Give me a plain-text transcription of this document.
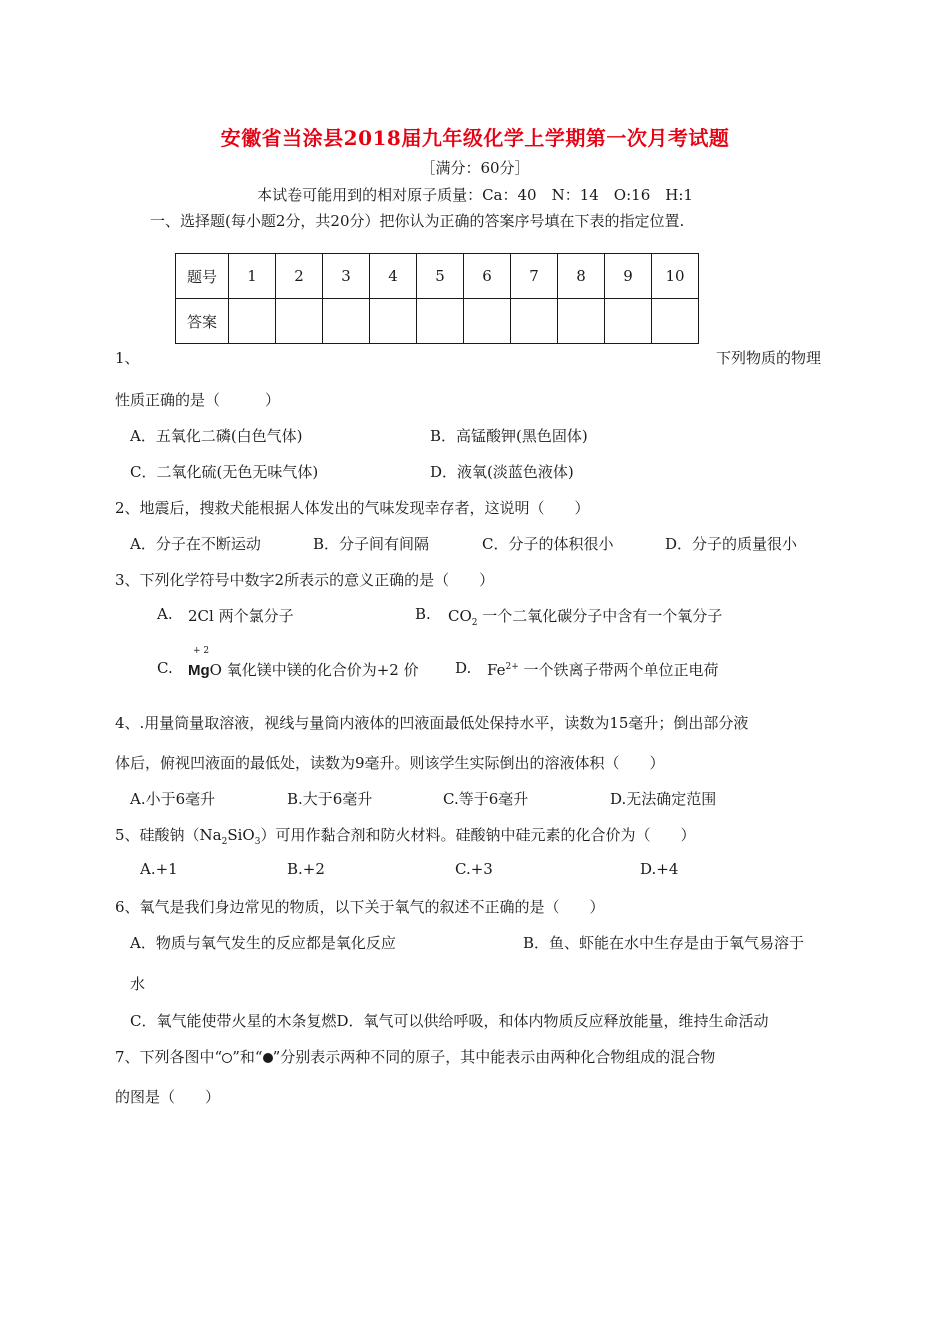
安徽省当涂县2018届九年级化学上学期第一次月考试题
［满分：60分］
本试卷可能用到的相对原子质量：Ca：40　N：14　O:16　H:1
一、选择题(每小题2分，共20分）把你认为正确的答案序号填在下表的指定位置.
题号	1	2	3	4	5	6	7	8	9	10
答案										
1、	下列物质的物理
性质正确的是（　　　）
A．五氧化二磷(白色气体)	B．高锰酸钾(黑色固体)
C．二氧化硫(无色无味气体)	D．液氧(淡蓝色液体)
2、地震后，搜救犬能根据人体发出的气味发现幸存者，这说明（　　）
A．分子在不断运动	B．分子间有间隔	C．分子的体积很小	D．分子的质量很小
3、下列化学符号中数字2所表示的意义正确的是（　　）
A. 2Cl 两个氯分子	B. $CO_2$ 一个二氧化碳分子中含有一个氧分子
+ 2
C. MgO 氧化镁中镁的化合价为+2 价 D. $Fe^{2+}$ 一个铁离子带两个单位正电荷
4、.用量筒量取溶液，视线与量筒内液体的凹液面最低处保持水平，读数为15毫升；倒出部分液
体后，俯视凹液面的最低处，读数为9毫升。则该学生实际倒出的溶液体积（　　）
A.小于6毫升	B.大于6毫升	C.等于6毫升	D.无法确定范围
5、硅酸钠$(Na_2SiO_3)$可用作黏合剂和防火材料。硅酸钠中硅元素的化合价为（　　）
A.+1	B.+2	C.+3	D.+4
6、氧气是我们身边常见的物质，以下关于氧气的叙述不正确的是（　　）
A．物质与氧气发生的反应都是氧化反应	B．鱼、虾能在水中生存是由于氧气易溶于
水
C．氧气能使带火星的木条复燃D．氧气可以供给呼吸，和体内物质反应释放能量，维持生命活动
7、下列各图中“ ”和“ ”分别表示两种不同的原子，其中能表示由两种化合物组成的混合物
的图是（　　）
